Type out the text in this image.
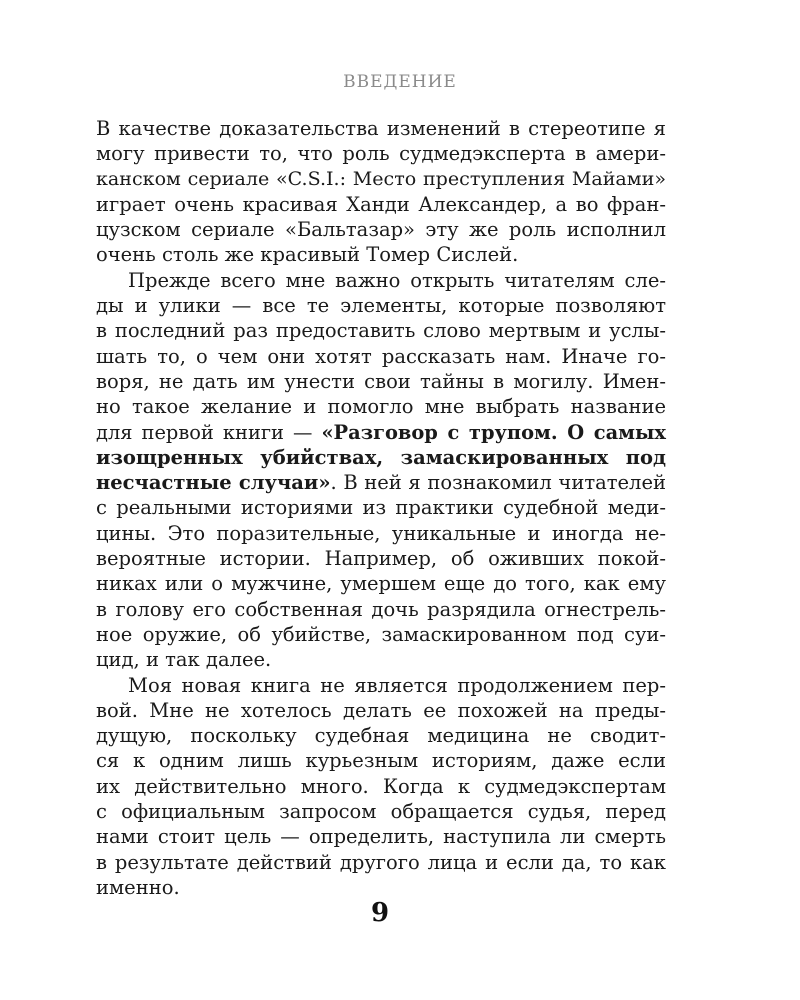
ВВЕДЕНИЕ
В качестве доказательства изменений в стереотипе я
могу привести то, что роль судмедэксперта в амери-
канском сериале «C.S.I.: Место преступления Майами»
играет очень красивая Ханди Александер, а во фран-
цузском сериале «Бальтазар» эту же роль исполнил
очень столь же красивый Томер Сислей.
Прежде всего мне важно открыть читателям сле-
ды и улики — все те элементы, которые позволяют
в последний раз предоставить слово мертвым и услы-
шать то, о чем они хотят рассказать нам. Иначе го-
воря, не дать им унести свои тайны в могилу. Имен-
но такое желание и помогло мне выбрать название
для первой книги — «Разговор с трупом. О самых
изощренных убийствах, замаскированных под
несчастные случаи». В ней я познакомил читателей
с реальными историями из практики судебной меди-
цины. Это поразительные, уникальные и иногда не-
вероятные истории. Например, об оживших покой-
никах или о мужчине, умершем еще до того, как ему
в голову его собственная дочь разрядила огнестрель-
ное оружие, об убийстве, замаскированном под суи-
цид, и так далее.
Моя новая книга не является продолжением пер-
вой. Мне не хотелось делать ее похожей на преды-
дущую, поскольку судебная медицина не сводит-
ся к одним лишь курьезным историям, даже если
их действительно много. Когда к судмедэкспертам
с официальным запросом обращается судья, перед
нами стоит цель — определить, наступила ли смерть
в результате действий другого лица и если да, то как
именно.
9
